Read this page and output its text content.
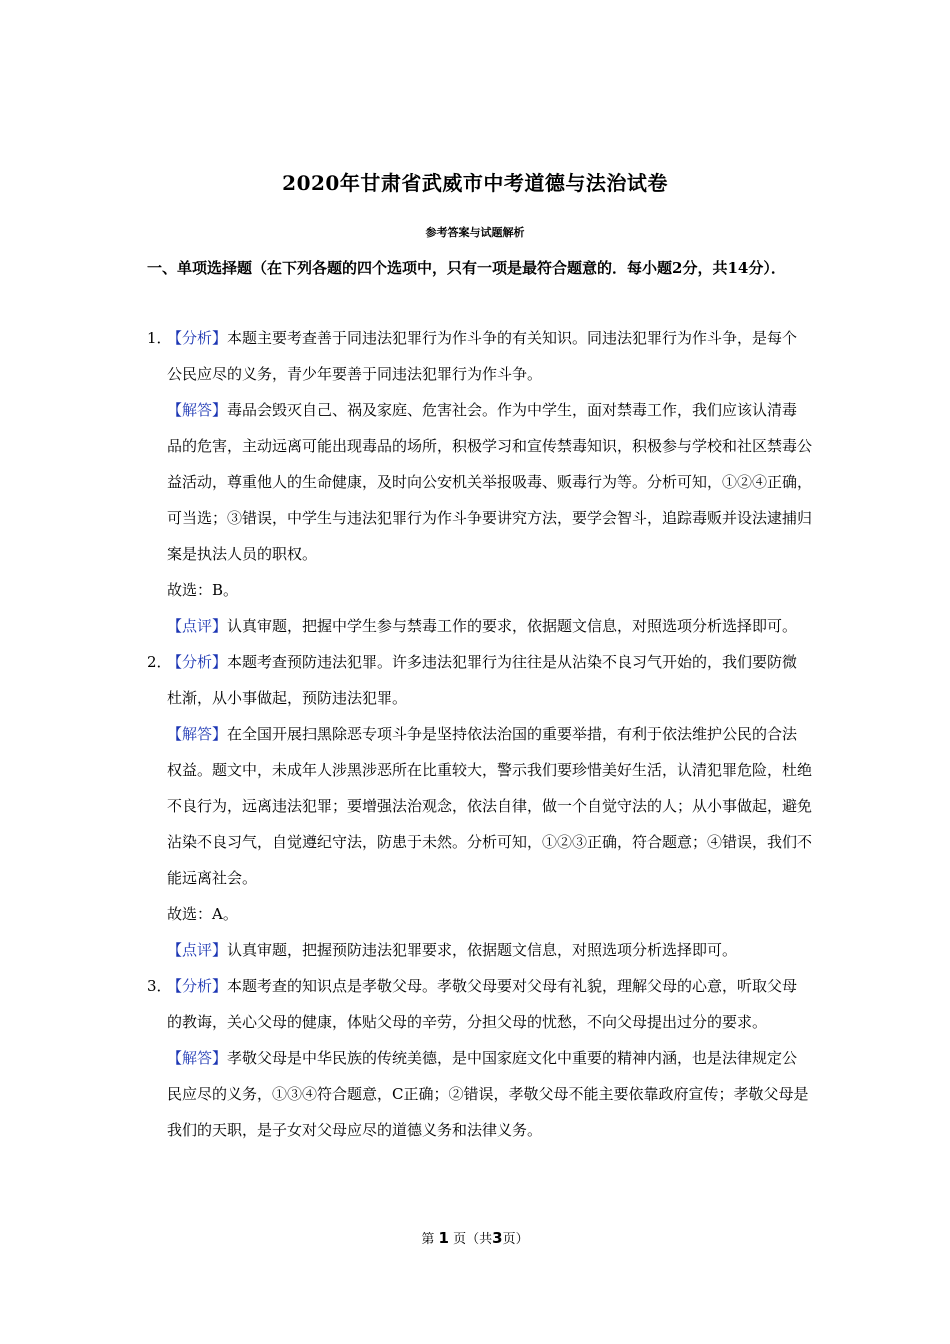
2020年甘肃省武威市中考道德与法治试卷
参考答案与试题解析
一、单项选择题（在下列各题的四个选项中，只有一项是最符合题意的．每小题2分，共14分）．
1．
【分析】本题主要考查善于同违法犯罪行为作斗争的有关知识。同违法犯罪行为作斗争，是每个公民应尽的义务，青少年要善于同违法犯罪行为作斗争。
【解答】毒品会毁灭自己、祸及家庭、危害社会。作为中学生，面对禁毒工作，我们应该认清毒品的危害，主动远离可能出现毒品的场所，积极学习和宣传禁毒知识，积极参与学校和社区禁毒公益活动，尊重他人的生命健康，及时向公安机关举报吸毒、贩毒行为等。分析可知，①②④正确，可当选；③错误，中学生与违法犯罪行为作斗争要讲究方法，要学会智斗，追踪毒贩并设法逮捕归案是执法人员的职权。
故选：B。
【点评】认真审题，把握中学生参与禁毒工作的要求，依据题文信息，对照选项分析选择即可。
2．
【分析】本题考查预防违法犯罪。许多违法犯罪行为往往是从沾染不良习气开始的，我们要防微杜渐，从小事做起，预防违法犯罪。
【解答】在全国开展扫黑除恶专项斗争是坚持依法治国的重要举措，有利于依法维护公民的合法权益。题文中，未成年人涉黑涉恶所在比重较大，警示我们要珍惜美好生活，认清犯罪危险，杜绝不良行为，远离违法犯罪；要增强法治观念，依法自律，做一个自觉守法的人；从小事做起，避免沾染不良习气，自觉遵纪守法，防患于未然。分析可知，①②③正确，符合题意；④错误，我们不能远离社会。
故选：A。
【点评】认真审题，把握预防违法犯罪要求，依据题文信息，对照选项分析选择即可。
3．
【分析】本题考查的知识点是孝敬父母。孝敬父母要对父母有礼貌，理解父母的心意，听取父母的教诲，关心父母的健康，体贴父母的辛劳，分担父母的忧愁，不向父母提出过分的要求。
【解答】孝敬父母是中华民族的传统美德，是中国家庭文化中重要的精神内涵，也是法律规定公民应尽的义务，①③④符合题意，C正确；②错误，孝敬父母不能主要依靠政府宣传；孝敬父母是我们的天职，是子女对父母应尽的道德义务和法律义务。
第 1 页（共3页）
